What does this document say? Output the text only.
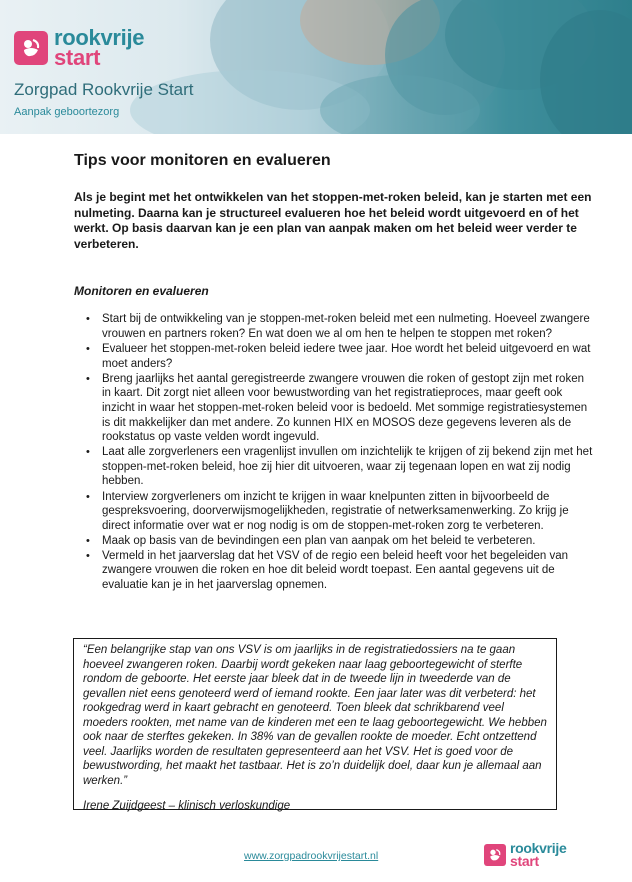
rookvrije
start
Zorgpad Rookvrije Start
Aanpak geboortezorg
Tips voor monitoren en evalueren

Als je begint met het ontwikkelen van het stoppen-met-roken beleid, kan je starten met een nulmeting. Daarna kan je structureel evalueren hoe het beleid wordt uitgevoerd en of het werkt. Op basis daarvan kan je een plan van aanpak maken om het beleid weer verder te verbeteren.

Monitoren en evalueren

• Start bij de ontwikkeling van je stoppen-met-roken beleid met een nulmeting. Hoeveel zwangere vrouwen en partners roken? En wat doen we al om hen te helpen te stoppen met roken?
• Evalueer het stoppen-met-roken beleid iedere twee jaar. Hoe wordt het beleid uitgevoerd en wat moet anders?
• Breng jaarlijks het aantal geregistreerde zwangere vrouwen die roken of gestopt zijn met roken in kaart. Dit zorgt niet alleen voor bewustwording van het registratieproces, maar geeft ook inzicht in waar het stoppen-met-roken beleid voor is bedoeld. Met sommige registratiesystemen is dit makkelijker dan met andere. Zo kunnen HIX en MOSOS deze gegevens leveren als de rookstatus op vaste velden wordt ingevuld.
• Laat alle zorgverleners een vragenlijst invullen om inzichtelijk te krijgen of zij bekend zijn met het stoppen-met-roken beleid, hoe zij hier dit uitvoeren, waar zij tegenaan lopen en wat zij nodig hebben.
• Interview zorgverleners om inzicht te krijgen in waar knelpunten zitten in bijvoorbeeld de gespreksvoering, doorverwijsmogelijkheden, registratie of netwerksamenwerking. Zo krijg je direct informatie over wat er nog nodig is om de stoppen-met-roken zorg te verbeteren.
• Maak op basis van de bevindingen een plan van aanpak om het beleid te verbeteren.
• Vermeld in het jaarverslag dat het VSV of de regio een beleid heeft voor het begeleiden van zwangere vrouwen die roken en hoe dit beleid wordt toepast. Een aantal gegevens uit de evaluatie kan je in het jaarverslag opnemen.

“Een belangrijke stap van ons VSV is om jaarlijks in de registratiedossiers na te gaan hoeveel zwangeren roken. Daarbij wordt gekeken naar laag geboortegewicht of sterfte rondom de geboorte. Het eerste jaar bleek dat in de tweede lijn in tweederde van de gevallen niet eens genoteerd werd of iemand rookte. Een jaar later was dit verbeterd: het rookgedrag werd in kaart gebracht en genoteerd. Toen bleek dat schrikbarend veel moeders rookten, met name van de kinderen met een te laag geboortegewicht. We hebben ook naar de sterftes gekeken. In 38% van de gevallen rookte de moeder. Echt ontzettend veel. Jaarlijks worden de resultaten gepresenteerd aan het VSV. Het is goed voor de bewustwording, het maakt het tastbaar. Het is zo’n duidelijk doel, daar kun je allemaal aan werken.”

Irene Zuijdgeest – klinisch verloskundige

www.zorgpadrookvrijestart.nl	rookvrije
start
